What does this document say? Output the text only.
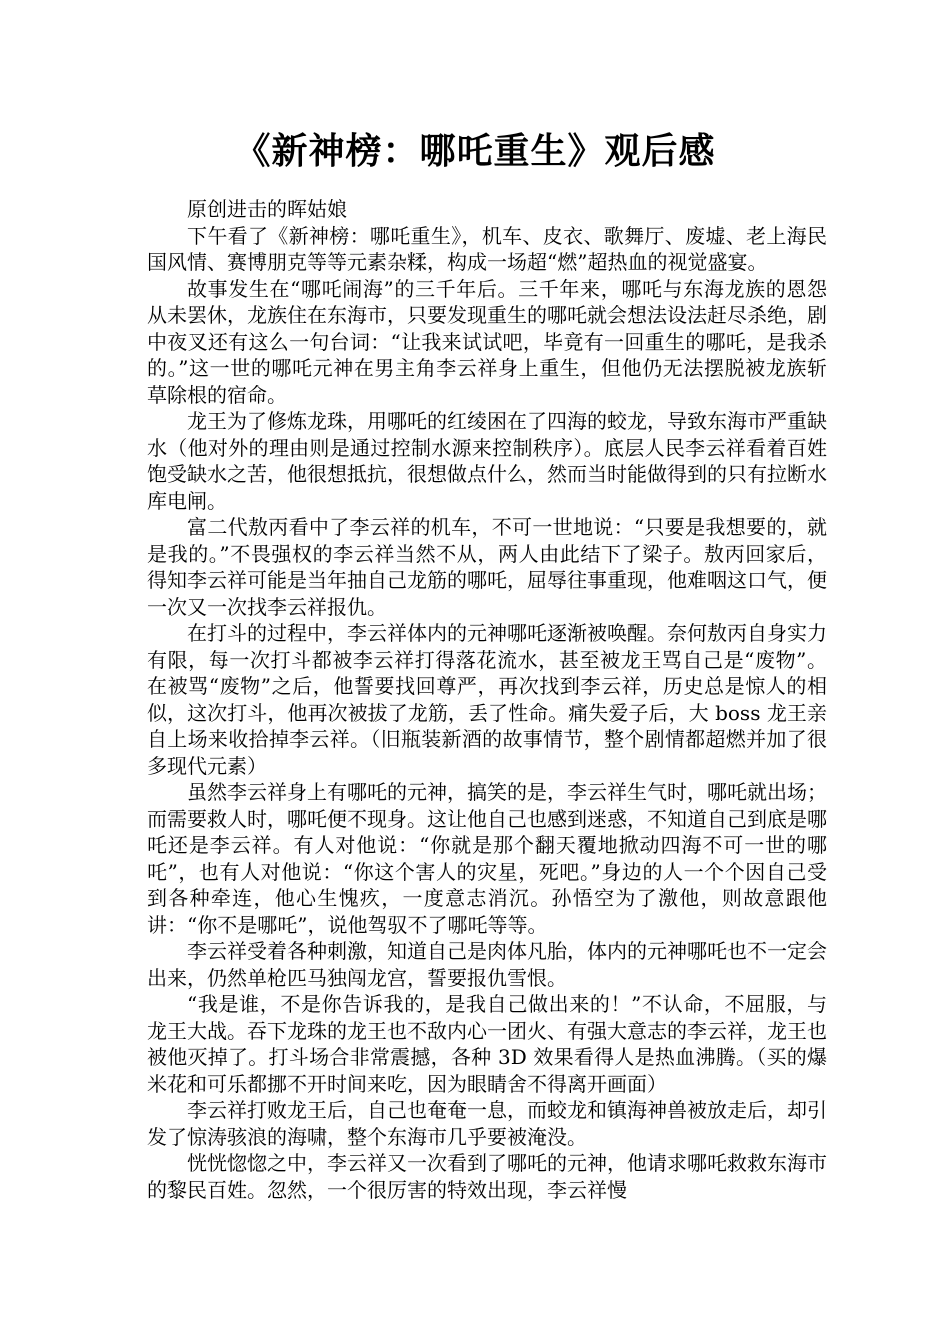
《新神榜：哪吒重生》观后感

原创进击的晖姑娘

下午看了《新神榜：哪吒重生》，机车、皮衣、歌舞厅、废墟、老上海民国风情、赛博朋克等等元素杂糅，构成一场超“燃”超热血的视觉盛宴。

故事发生在“哪吒闹海”的三千年后。三千年来，哪吒与东海龙族的恩怨从未罢休，龙族住在东海市，只要发现重生的哪吒就会想法设法赶尽杀绝，剧中夜叉还有这么一句台词：“让我来试试吧，毕竟有一回重生的哪吒，是我杀的。”这一世的哪吒元神在男主角李云祥身上重生，但他仍无法摆脱被龙族斩草除根的宿命。

龙王为了修炼龙珠，用哪吒的红绫困在了四海的蛟龙，导致东海市严重缺水（他对外的理由则是通过控制水源来控制秩序）。底层人民李云祥看着百姓饱受缺水之苦，他很想抵抗，很想做点什么，然而当时能做得到的只有拉断水库电闸。

富二代敖丙看中了李云祥的机车，不可一世地说：“只要是我想要的，就是我的。”不畏强权的李云祥当然不从，两人由此结下了梁子。敖丙回家后，得知李云祥可能是当年抽自己龙筋的哪吒，屈辱往事重现，他难咽这口气，便一次又一次找李云祥报仇。

在打斗的过程中，李云祥体内的元神哪吒逐渐被唤醒。奈何敖丙自身实力有限，每一次打斗都被李云祥打得落花流水，甚至被龙王骂自己是“废物”。在被骂“废物”之后，他誓要找回尊严，再次找到李云祥，历史总是惊人的相似，这次打斗，他再次被拔了龙筋，丢了性命。痛失爱子后，大 boss 龙王亲自上场来收拾掉李云祥。（旧瓶装新酒的故事情节，整个剧情都超燃并加了很多现代元素）

虽然李云祥身上有哪吒的元神，搞笑的是，李云祥生气时，哪吒就出场；而需要救人时，哪吒便不现身。这让他自己也感到迷惑，不知道自己到底是哪吒还是李云祥。有人对他说：“你就是那个翻天覆地掀动四海不可一世的哪吒”，也有人对他说：“你这个害人的灾星，死吧。”身边的人一个个因自己受到各种牵连，他心生愧疚，一度意志消沉。孙悟空为了激他，则故意跟他讲：“你不是哪吒”，说他驾驭不了哪吒等等。

李云祥受着各种刺激，知道自己是肉体凡胎，体内的元神哪吒也不一定会出来，仍然单枪匹马独闯龙宫，誓要报仇雪恨。

“我是谁，不是你告诉我的，是我自己做出来的！”不认命，不屈服，与龙王大战。吞下龙珠的龙王也不敌内心一团火、有强大意志的李云祥，龙王也被他灭掉了。打斗场合非常震撼，各种 3D 效果看得人是热血沸腾。（买的爆米花和可乐都挪不开时间来吃，因为眼睛舍不得离开画面）

李云祥打败龙王后，自己也奄奄一息，而蛟龙和镇海神兽被放走后，却引发了惊涛骇浪的海啸，整个东海市几乎要被淹没。

恍恍惚惚之中，李云祥又一次看到了哪吒的元神，他请求哪吒救救东海市的黎民百姓。忽然，一个很厉害的特效出现，李云祥慢
